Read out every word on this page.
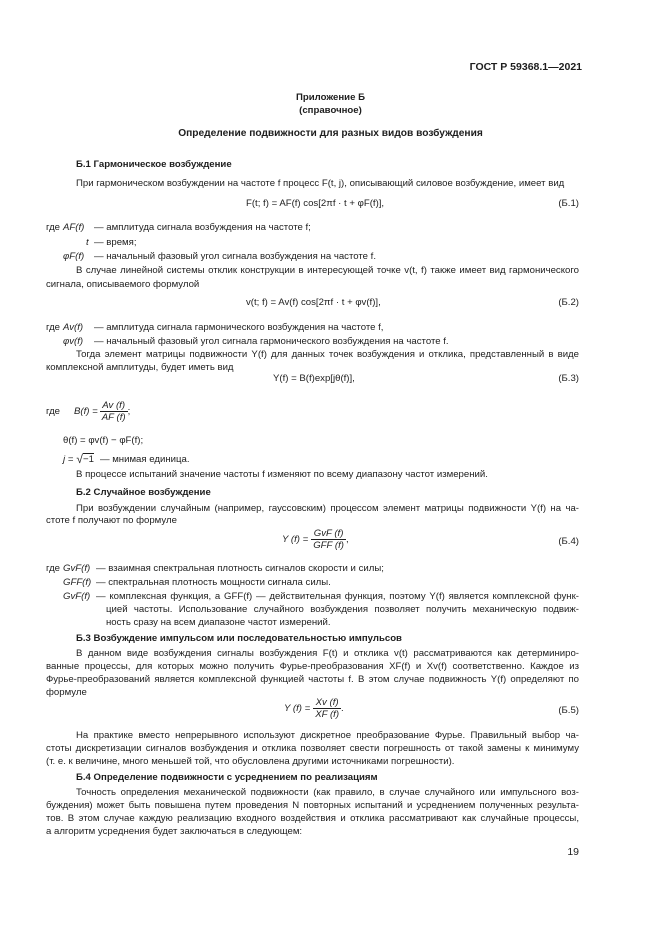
ГОСТ Р 59368.1—2021
Приложение Б
(справочное)
Определение подвижности для разных видов возбуждения
Б.1 Гармоническое возбуждение
При гармоническом возбуждении на частоте f процесс F(t, j), описывающий силовое возбуждение, имеет вид
F(t; f) = AF(f) cos[2πf · t + φF(f)],	(Б.1)
где AF(f) — амплитуда сигнала возбуждения на частоте f;
t — время;
φF(f) — начальный фазовый угол сигнала возбуждения на частоте f.
В случае линейной системы отклик конструкции в интересующей точке v(t, f) также имеет вид гармонического
сигнала, описываемого формулой
v(t; f) = Av(f) cos[2πf · t + φv(f)],	(Б.2)
где Av(f) — амплитуда сигнала гармонического возбуждения на частоте f,
φv(f) — начальный фазовый угол сигнала гармонического возбуждения на частоте f.
Тогда элемент матрицы подвижности Y(f) для данных точек возбуждения и отклика, представленный в виде
комплексной амплитуды, будет иметь вид
Y(f) = B(f)exp[jθ(f)],	(Б.3)
где $B(f) = \frac{Av (f)}{AF (f)}$ ;
θ(f) = φv(f) − φF(f);
j = √ −1 — мнимая единица.
В процессе испытаний значение частоты f изменяют по всему диапазону частот измерений.
Б.2 Случайное возбуждение
При возбуждении случайным (например, гауссовским) процессом элемент матрицы подвижности Y(f) на ча-
стоте f получают по формуле
Y $(f) = \frac{\text{GvF (f)}}{\text{GFF (f)}}$ ,	(Б.4)
где GvF(f) — взаимная спектральная плотность сигналов скорости и силы;
GFF(f) — спектральная плотность мощности сигнала силы.
GvF(f) — комплексная функция, а GFF(f) — действительная функция, поэтому Y(f) является комплексной функ-
цией частоты. Использование случайного возбуждения позволяет получить механическую подвиж-
ность сразу на всем диапазоне частот измерений.
Б.3 Возбуждение импульсом или последовательностью импульсов
В данном виде возбуждения сигналы возбуждения F(t) и отклика v(t) рассматриваются как детерминиро-
ванные процессы, для которых можно получить Фурье-преобразования XF(f) и Xv(f) соответственно. Каждое из
Фурье-преобразований является комплексной функцией частоты f. В этом случае подвижность Y(f) определяют по
формуле
Y $(f) = \frac{Xv (f)}{XF (f)}$ .	(Б.5)
На практике вместо непрерывного используют дискретное преобразование Фурье. Правильный выбор ча-
стоты дискретизации сигналов возбуждения и отклика позволяет свести погрешность от такой замены к минимуму
(т. е. к величине, много меньшей той, что обусловлена другими источниками погрешности).
Б.4 Определение подвижности с усреднением по реализациям
Точность определения механической подвижности (как правило, в случае случайного или импульсного воз-
буждения) может быть повышена путем проведения N повторных испытаний и усреднением полученных результа-
тов. В этом случае каждую реализацию входного воздействия и отклика рассматривают как случайные процессы,
а алгоритм усреднения будет заключаться в следующем:
19
